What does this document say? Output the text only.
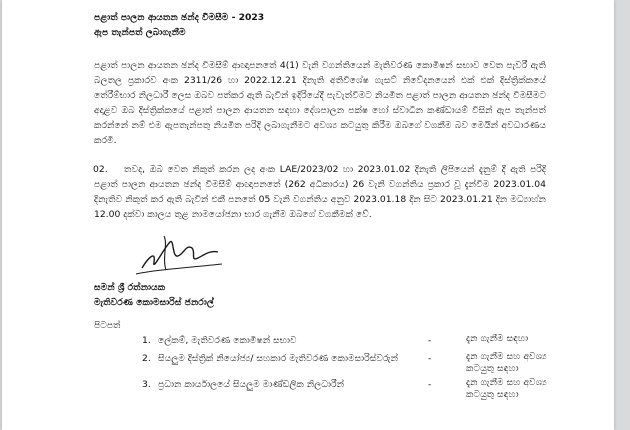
පළාත් පාලන ආයතන ඡන්ද විමසීම - 2023
ඇප තැන්පත් ලබාගැනීම
පළාත් පාලන ආයතන ඡන්ද විමසීම් ආඥාපනතේ 4(1) වැනි වගන්තියෙන් මැතිවරණ කොමිෂන් සභාව වෙත පැවරී ඇති බලතල ප්‍රකාරව අංක 2311/26 හා 2022.12.21 දිනැති අතිවිශේෂ ගැසට් නිවේදනයෙන් එක් එක් දිස්ත්‍රික්කයේ තේරීම්භාර නිලධාරී ලෙස ඔබව පත්කර ඇති බැවින් ඉදිරියේදී පැවැත්වීමට නියමිත පළාත් පාලන ආයතන ඡන්ද විමසීමට අදාළව ඔබ දිස්ත්‍රික්කයේ පළාත් පාලන ආයතන සඳහා දේශපාලන පක්ෂ හෝ ස්වාධීන කණ්ඩායම් විසින් ඇප තැන්පත් කරන්නේ නම් එම ඇපතැන්පතු නියමිත පරිදි ලබාගැනීමට අවශ්‍ය කටයුතු කිරීම ඔබගේ වගකීම බව මෙයින් අවධාරණය කරමි.
02. තවද, ඔබ වෙත නිකුත් කරන ලද අංක LAE/2023/02 හා 2023.01.02 දිනැති ලිපියෙන් දැනුම් දී ඇති පරිදි පළාත් පාලන ආයතන ඡන්ද විමසීම් ආඥාපනතේ (262 අධිකාරය) 26 වැනි වගන්තිය ප්‍රකාර වූ දැන්වීම 2023.01.04 දිනැතිව නිකුත් කර ඇති බැවින් එකී පනතේ 05 වැනි වගන්තිය අනුව 2023.01.18 දින සිට 2023.01.21 දින මධ්‍යාහ්න 12.00 දක්වා කාලය තුළ නාමයෝජනා භාර ගැනීම ඔබගේ වගකීමක් වේ.
සමන් ශ්‍රී රත්නායක
මැතිවරණ කොමසාරිස් ජනරාල්
පිටපත්
1. ලේකම්, මැතිවරණ කොමිෂන් සභාව	-	දැන ගැනීම සඳහා
2. සියලුම දිස්ත්‍රික් නියෝජ්‍ය/ සහකාර මැතිවරණ කොමසාරිස්වරුන්	-	දැන ගැනීම සහ අවශ්‍ය කටයුතු සඳහා
3. ප්‍රධාන කාර්යාලයේ සියලුම මාණ්ඩලික නිලධාරීන්	-	දැන ගැනීම සහ අවශ්‍ය කටයුතු සඳහා
